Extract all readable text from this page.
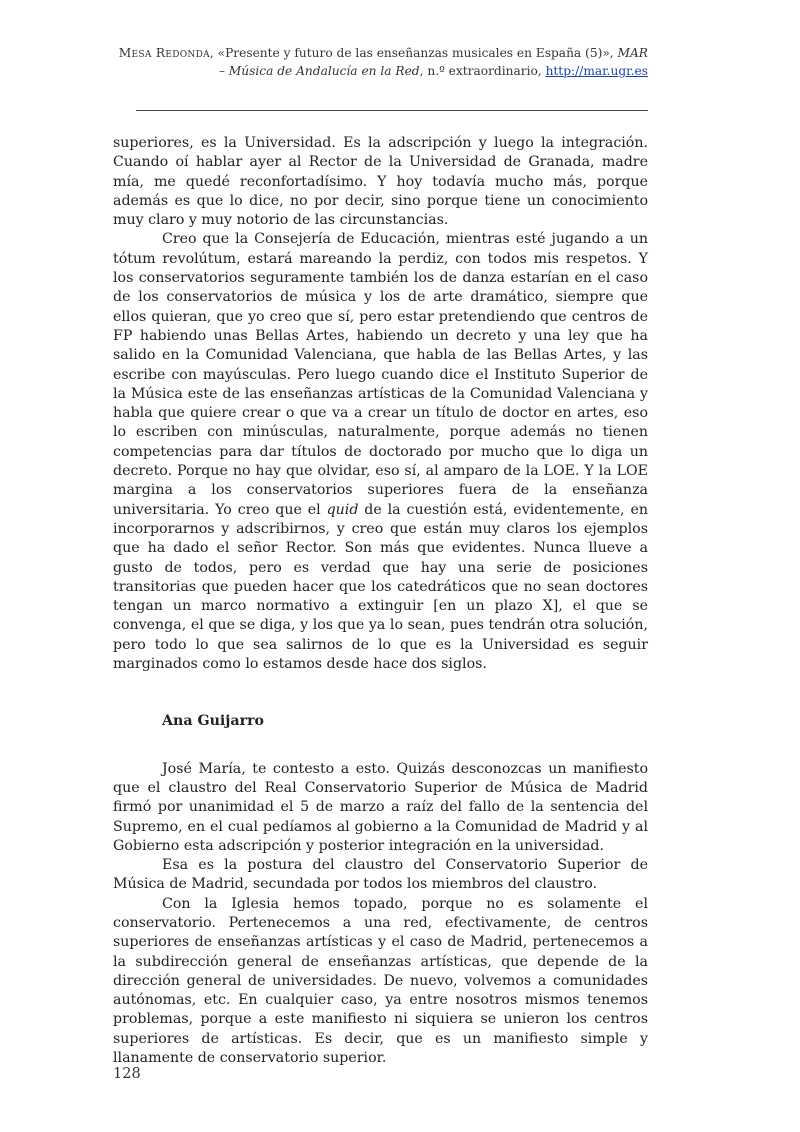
Mesa Redonda, «Presente y futuro de las enseñanzas musicales en España (5)», MAR – Música de Andalucía en la Red, n.º extraordinario, http://mar.ugr.es

superiores, es la Universidad. Es la adscripción y luego la integración. Cuando oí hablar ayer al Rector de la Universidad de Granada, madre mía, me quedé reconfortadísimo. Y hoy todavía mucho más, porque además es que lo dice, no por decir, sino porque tiene un conocimiento muy claro y muy notorio de las circunstancias.

Creo que la Consejería de Educación, mientras esté jugando a un tótum revolútum, estará mareando la perdiz, con todos mis respetos. Y los conservatorios seguramente también los de danza estarían en el caso de los conservatorios de música y los de arte dramático, siempre que ellos quieran, que yo creo que sí, pero estar pretendiendo que centros de FP habiendo unas Bellas Artes, habiendo un decreto y una ley que ha salido en la Comunidad Valenciana, que habla de las Bellas Artes, y las escribe con mayúsculas. Pero luego cuando dice el Instituto Superior de la Música este de las enseñanzas artísticas de la Comunidad Valenciana y habla que quiere crear o que va a crear un título de doctor en artes, eso lo escriben con minúsculas, naturalmente, porque además no tienen competencias para dar títulos de doctorado por mucho que lo diga un decreto. Porque no hay que olvidar, eso sí, al amparo de la LOE. Y la LOE margina a los conservatorios superiores fuera de la enseñanza universitaria. Yo creo que el quid de la cuestión está, evidentemente, en incorporarnos y adscribirnos, y creo que están muy claros los ejemplos que ha dado el señor Rector. Son más que evidentes. Nunca llueve a gusto de todos, pero es verdad que hay una serie de posiciones transitorias que pueden hacer que los catedráticos que no sean doctores tengan un marco normativo a extinguir [en un plazo X], el que se convenga, el que se diga, y los que ya lo sean, pues tendrán otra solución, pero todo lo que sea salirnos de lo que es la Universidad es seguir marginados como lo estamos desde hace dos siglos.

Ana Guijarro

José María, te contesto a esto. Quizás desconozcas un manifiesto que el claustro del Real Conservatorio Superior de Música de Madrid firmó por unanimidad el 5 de marzo a raíz del fallo de la sentencia del Supremo, en el cual pedíamos al gobierno a la Comunidad de Madrid y al Gobierno esta adscripción y posterior integración en la universidad.

Esa es la postura del claustro del Conservatorio Superior de Música de Madrid, secundada por todos los miembros del claustro.

Con la Iglesia hemos topado, porque no es solamente el conservatorio. Pertenecemos a una red, efectivamente, de centros superiores de enseñanzas artísticas y el caso de Madrid, pertenecemos a la subdirección general de enseñanzas artísticas, que depende de la dirección general de universidades. De nuevo, volvemos a comunidades autónomas, etc. En cualquier caso, ya entre nosotros mismos tenemos problemas, porque a este manifiesto ni siquiera se unieron los centros superiores de artísticas. Es decir, que es un manifiesto simple y llanamente de conservatorio superior.

128
